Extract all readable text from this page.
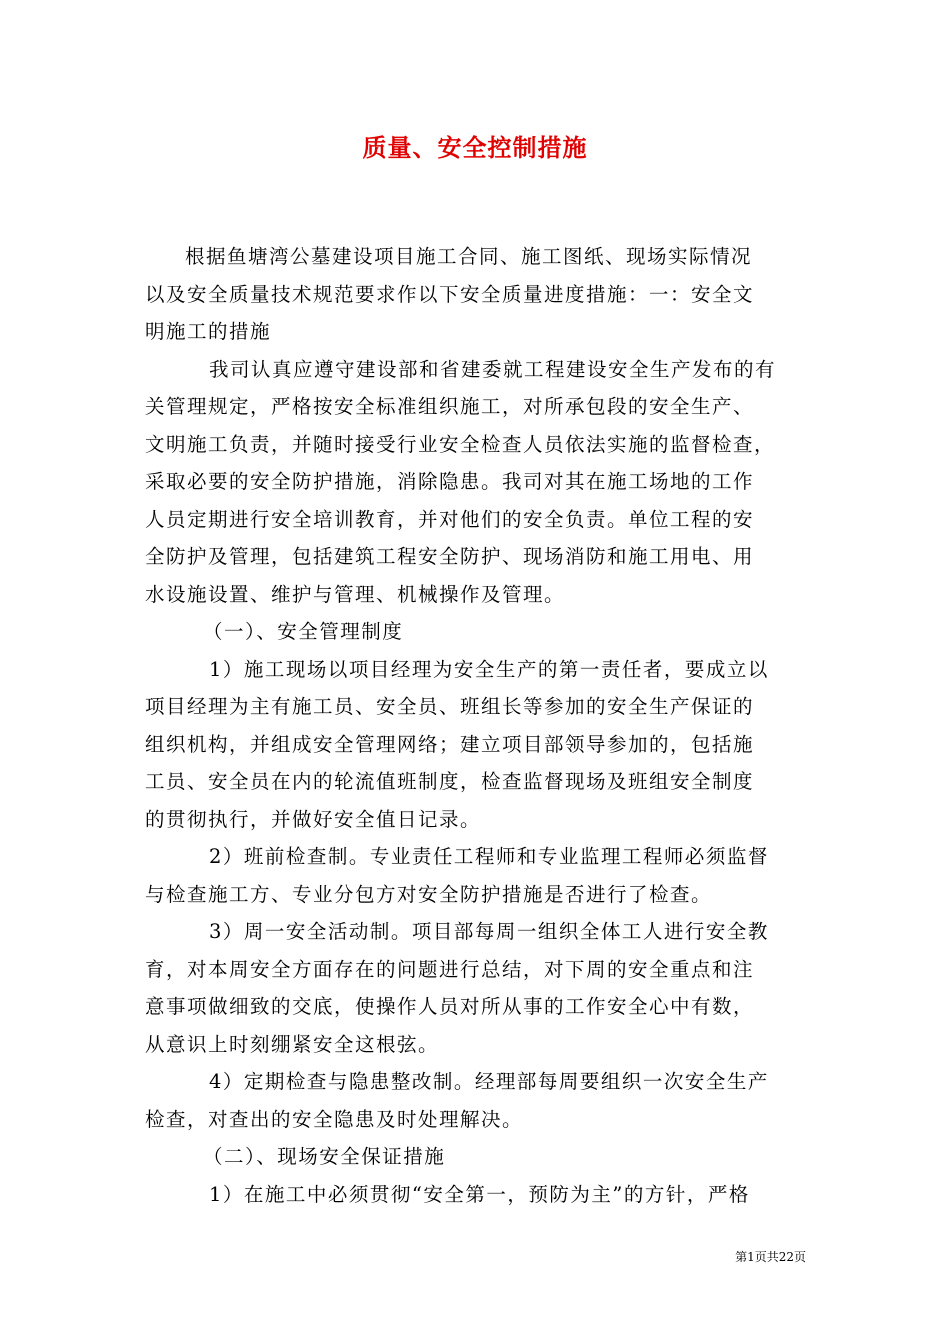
质量、安全控制措施
根据鱼塘湾公墓建设项目施工合同、施工图纸、现场实际情况
以及安全质量技术规范要求作以下安全质量进度措施：一：安全文
明施工的措施
我司认真应遵守建设部和省建委就工程建设安全生产发布的有
关管理规定，严格按安全标准组织施工，对所承包段的安全生产、
文明施工负责，并随时接受行业安全检查人员依法实施的监督检查，
采取必要的安全防护措施，消除隐患。我司对其在施工场地的工作
人员定期进行安全培训教育，并对他们的安全负责。单位工程的安
全防护及管理，包括建筑工程安全防护、现场消防和施工用电、用
水设施设置、维护与管理、机械操作及管理。
（一）、安全管理制度
1）施工现场以项目经理为安全生产的第一责任者，要成立以
项目经理为主有施工员、安全员、班组长等参加的安全生产保证的
组织机构，并组成安全管理网络；建立项目部领导参加的，包括施
工员、安全员在内的轮流值班制度，检查监督现场及班组安全制度
的贯彻执行，并做好安全值日记录。
2）班前检查制。专业责任工程师和专业监理工程师必须监督
与检查施工方、专业分包方对安全防护措施是否进行了检查。
3）周一安全活动制。项目部每周一组织全体工人进行安全教
育，对本周安全方面存在的问题进行总结，对下周的安全重点和注
意事项做细致的交底，使操作人员对所从事的工作安全心中有数，
从意识上时刻绷紧安全这根弦。
4）定期检查与隐患整改制。经理部每周要组织一次安全生产
检查，对查出的安全隐患及时处理解决。
（二）、现场安全保证措施
1）在施工中必须贯彻“安全第一，预防为主”的方针，严格
第1页共22页
